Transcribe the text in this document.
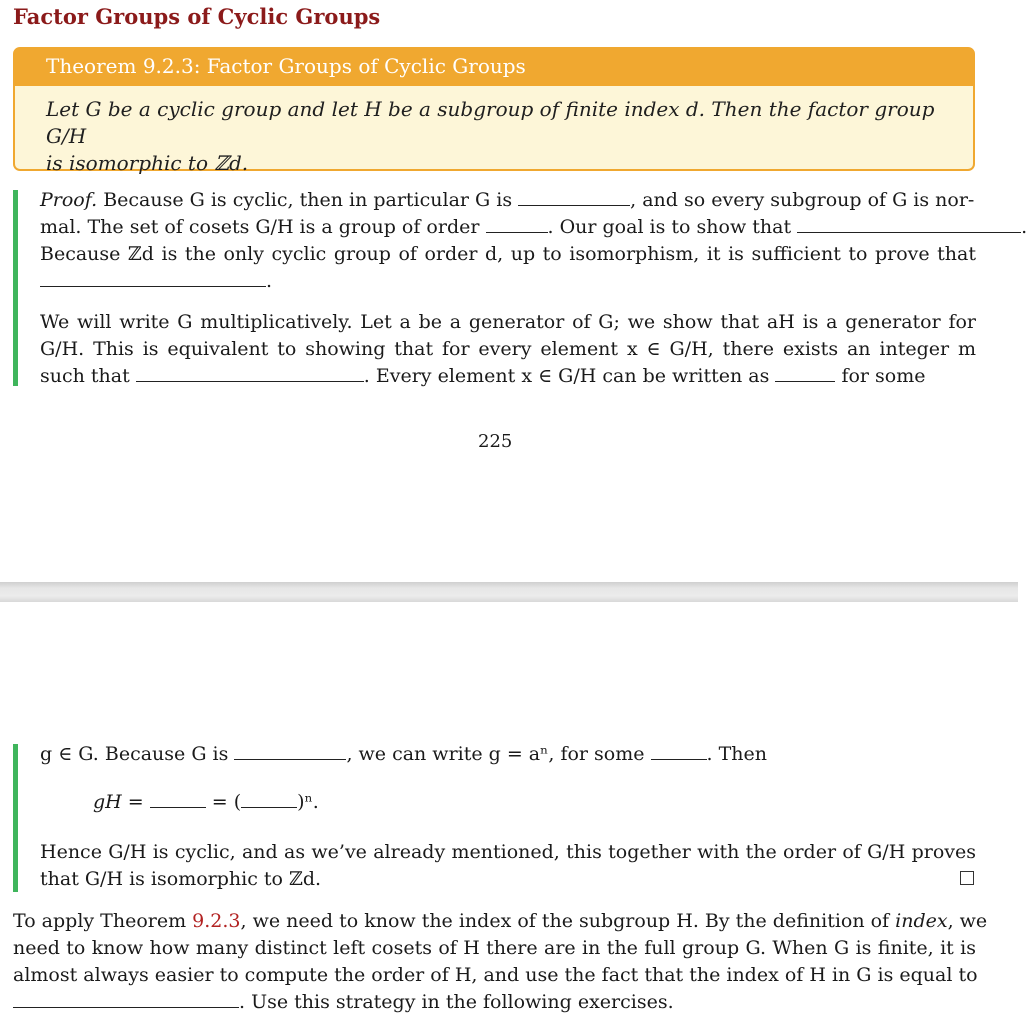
Factor Groups of Cyclic Groups
Theorem 9.2.3: Factor Groups of Cyclic Groups
Let G be a cyclic group and let H be a subgroup of finite index d. Then the factor group G/H
is isomorphic to ℤd.
Proof. Because G is cyclic, then in particular G is	, and so every subgroup of G is nor-
mal. The set of cosets G/H is a group of order	. Our goal is to show that	.
Because ℤd is the only cyclic group of order d, up to isomorphism, it is sufficient to prove that
.
We will write G multiplicatively. Let a be a generator of G; we show that aH is a generator for
G/H. This is equivalent to showing that for every element x ∈ G/H, there exists an integer m
such that	. Every element x ∈ G/H can be written as	for some
225
g ∈ G. Because G is	, we can write g = aⁿ, for some	. Then
gH =	= (	)ⁿ.
Hence G/H is cyclic, and as we’ve already mentioned, this together with the order of G/H proves
that G/H is isomorphic to ℤd.
To apply Theorem 9.2.3, we need to know the index of the subgroup H. By the definition of index, we
need to know how many distinct left cosets of H there are in the full group G. When G is finite, it is
almost always easier to compute the order of H, and use the fact that the index of H in G is equal to
. Use this strategy in the following exercises.
